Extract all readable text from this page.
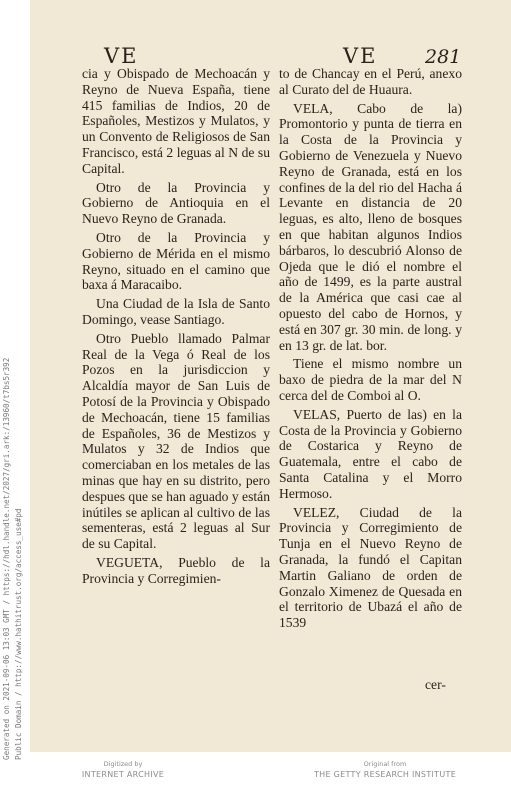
Generated on 2021-09-06 13:03 GMT / https://hdl.handle.net/2027/gri.ark:/13960/t7bs5r392 Public Domain / http://www.hathitrust.org/access_use#pd
VE	VE	281

cia y Obispado de Mechoacán y Reyno de Nueva España, tiene 415 familias de Indios, 20 de Españoles, Mestizos y Mulatos, y un Convento de Religiosos de San Francisco, está 2 leguas al N de su Capital.

Otro de la Provincia y Gobierno de Antioquia en el Nuevo Reyno de Granada.

Otro de la Provincia y Gobierno de Mérida en el mismo Reyno, situado en el camino que baxa á Maracaibo.

Una Ciudad de la Isla de Santo Domingo, vease Santiago.

Otro Pueblo llamado Palmar Real de la Vega ó Real de los Pozos en la jurisdiccion y Alcaldía mayor de San Luis de Potosí de la Provincia y Obispado de Mechoacán, tiene 15 familias de Españoles, 36 de Mestizos y Mulatos y 32 de Indios que comerciaban en los metales de las minas que hay en su distrito, pero despues que se han aguado y están inútiles se aplican al cultivo de las sementeras, está 2 leguas al Sur de su Capital.

VEGUETA, Pueblo de la Provincia y Corregimien-

to de Chancay en el Perú, anexo al Curato del de Huaura.

VELA, Cabo de la) Promontorio y punta de tierra en la Costa de la Provincia y Gobierno de Venezuela y Nuevo Reyno de Granada, está en los confines de la del rio del Hacha á Levante en distancia de 20 leguas, es alto, lleno de bosques en que habitan algunos Indios bárbaros, lo descubrió Alonso de Ojeda que le dió el nombre el año de 1499, es la parte austral de la América que casi cae al opuesto del cabo de Hornos, y está en 307 gr. 30 min. de long. y en 13 gr. de lat. bor.

Tiene el mismo nombre un baxo de piedra de la mar del N cerca del de Comboi al O.

VELAS, Puerto de las) en la Costa de la Provincia y Gobierno de Costarica y Reyno de Guatemala, entre el cabo de Santa Catalina y el Morro Hermoso.

VELEZ, Ciudad de la Provincia y Corregimiento de Tunja en el Nuevo Reyno de Granada, la fundó el Capitan Martin Galiano de orden de Gonzalo Ximenez de Quesada en el territorio de Ubazá el año de 1539

cer-
Digitized by
INTERNET ARCHIVE
Original from
THE GETTY RESEARCH INSTITUTE
